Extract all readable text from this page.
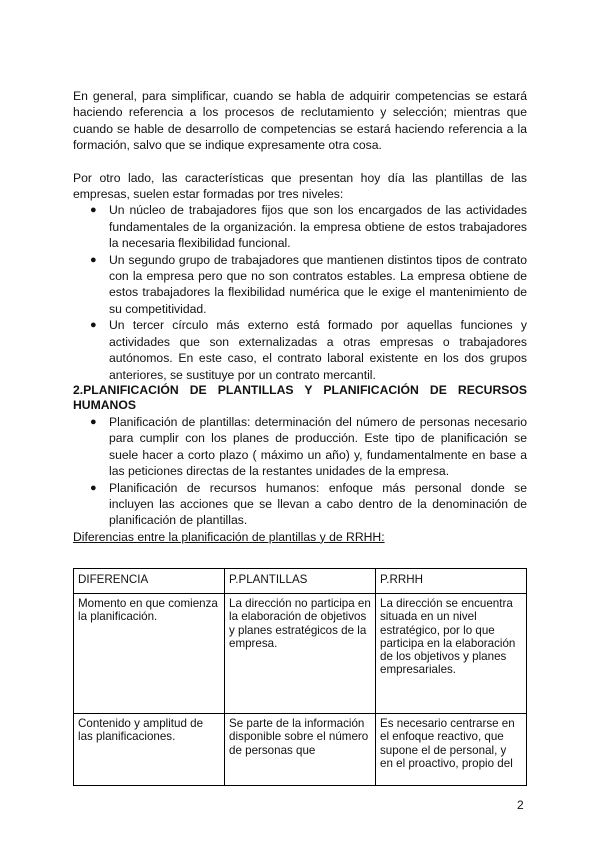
En general, para simplificar, cuando se habla de adquirir competencias se estará haciendo referencia a los procesos de reclutamiento y selección; mientras que cuando se hable de desarrollo de competencias se estará haciendo referencia a la formación, salvo que se indique expresamente otra cosa.

Por otro lado, las características que presentan hoy día las plantillas de las empresas, suelen estar formadas por tres niveles:

● Un núcleo de trabajadores fijos que son los encargados de las actividades fundamentales de la organización. la empresa obtiene de estos trabajadores la necesaria flexibilidad funcional.
● Un segundo grupo de trabajadores que mantienen distintos tipos de contrato con la empresa pero que no son contratos estables. La empresa obtiene de estos trabajadores la flexibilidad numérica que le exige el mantenimiento de su competitividad.
● Un tercer círculo más externo está formado por aquellas funciones y actividades que son externalizadas a otras empresas o trabajadores autónomos. En este caso, el contrato laboral existente en los dos grupos anteriores, se sustituye por un contrato mercantil.

2.PLANIFICACIÓN DE PLANTILLAS Y PLANIFICACIÓN DE RECURSOS HUMANOS

● Planificación de plantillas: determinación del número de personas necesario para cumplir con los planes de producción. Este tipo de planificación se suele hacer a corto plazo ( máximo un año) y, fundamentalmente en base a las peticiones directas de la restantes unidades de la empresa.
● Planificación de recursos humanos: enfoque más personal donde se incluyen las acciones que se llevan a cabo dentro de la denominación de planificación de plantillas.

Diferencias entre la planificación de plantillas y de RRHH:

DIFERENCIA	P.PLANTILLAS	P.RRHH
Momento en que comienza la planificación.	La dirección no participa en la elaboración de objetivos y planes estratégicos de la empresa.	La dirección se encuentra situada en un nivel estratégico, por lo que participa en la elaboración de los objetivos y planes empresariales.

Contenido y amplitud de las planificaciones.	Se parte de la información disponible sobre el número de personas que	Es necesario centrarse en el enfoque reactivo, que supone el de personal, y en el proactivo, propio del
2
